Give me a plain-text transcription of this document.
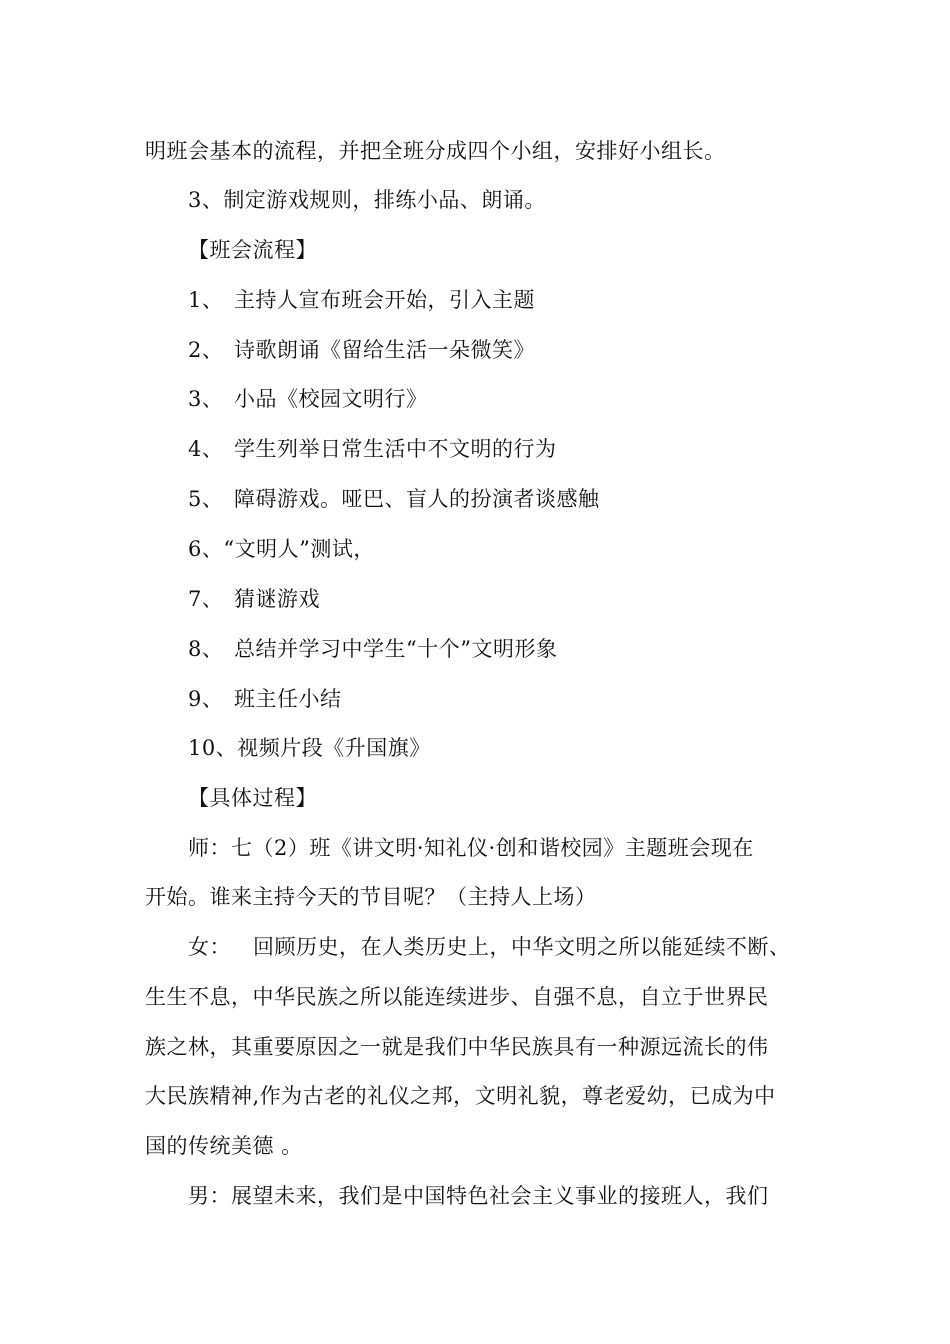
明班会基本的流程，并把全班分成四个小组，安排好小组长。
3、制定游戏规则，排练小品、朗诵。
【班会流程】
1、 主持人宣布班会开始，引入主题
2、 诗歌朗诵《留给生活一朵微笑》
3、 小品《校园文明行》
4、 学生列举日常生活中不文明的行为
5、 障碍游戏。哑巴、盲人的扮演者谈感触
6、“文明人”测试，
7、 猜谜游戏
8、 总结并学习中学生“十个”文明形象
9、 班主任小结
10、视频片段《升国旗》
【具体过程】
师：七（2）班《讲文明·知礼仪·创和谐校园》主题班会现在
开始。谁来主持今天的节目呢？（主持人上场）
女： 回顾历史，在人类历史上，中华文明之所以能延续不断、
生生不息，中华民族之所以能连续进步、自强不息，自立于世界民
族之林，其重要原因之一就是我们中华民族具有一种源远流长的伟
大民族精神,作为古老的礼仪之邦，文明礼貌，尊老爱幼，已成为中
国的传统美德 。
男：展望未来，我们是中国特色社会主义事业的接班人，我们
